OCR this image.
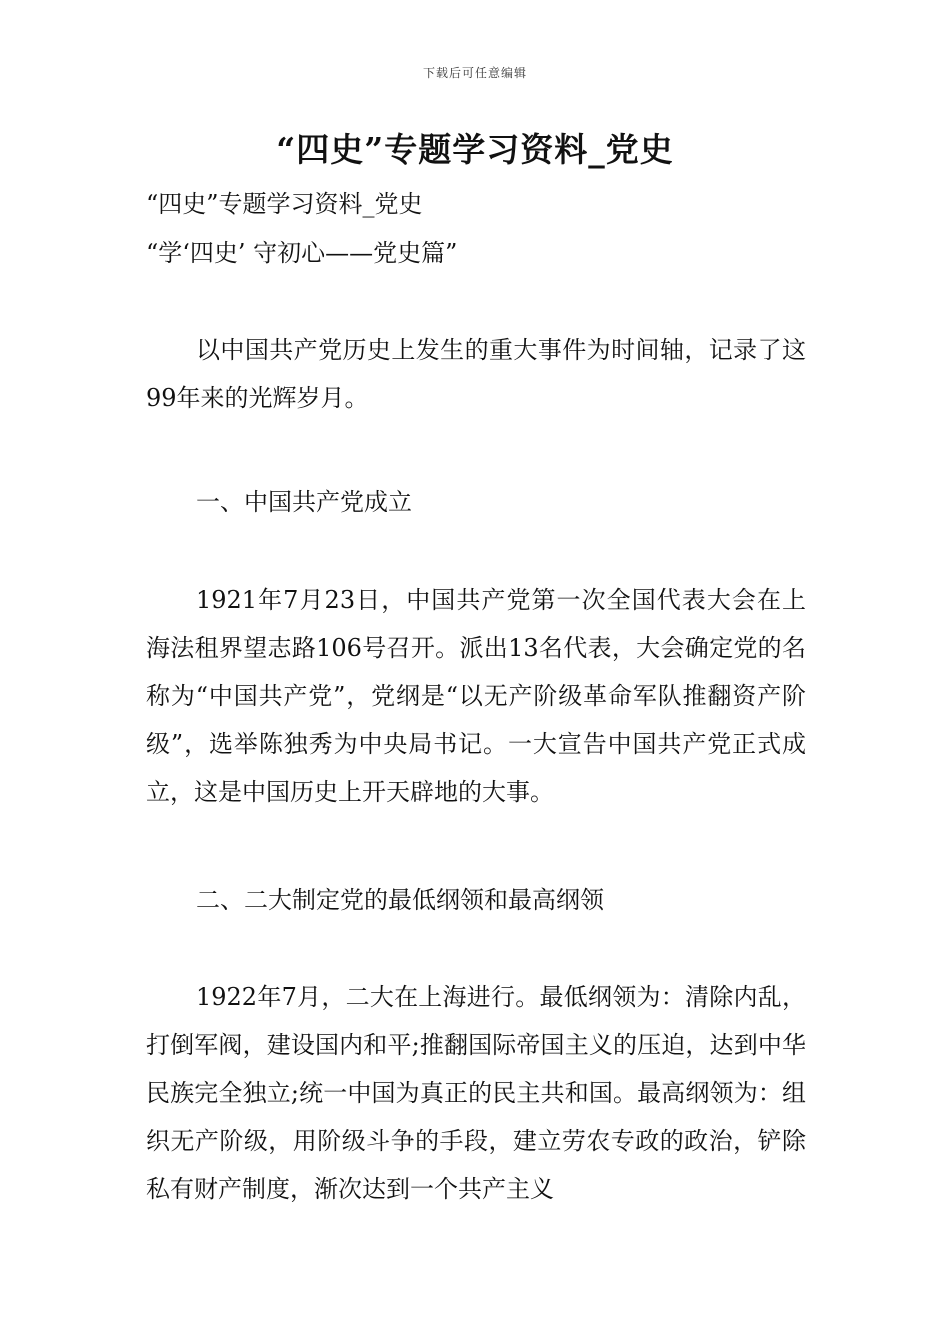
下载后可任意编辑
“四史”专题学习资料_党史
“四史”专题学习资料_党史
“学‘四史’ 守初心——党史篇”
以中国共产党历史上发生的重大事件为时间轴，记录了这99年来的光辉岁月。
一、中国共产党成立
1921年7月23日，中国共产党第一次全国代表大会在上海法租界望志路106号召开。派出13名代表，大会确定党的名称为“中国共产党”，党纲是“以无产阶级革命军队推翻资产阶级”，选举陈独秀为中央局书记。一大宣告中国共产党正式成立，这是中国历史上开天辟地的大事。
二、二大制定党的最低纲领和最高纲领
1922年7月，二大在上海进行。最低纲领为：清除内乱，打倒军阀，建设国内和平;推翻国际帝国主义的压迫，达到中华民族完全独立;统一中国为真正的民主共和国。最高纲领为：组织无产阶级，用阶级斗争的手段，建立劳农专政的政治，铲除私有财产制度，渐次达到一个共产主义
